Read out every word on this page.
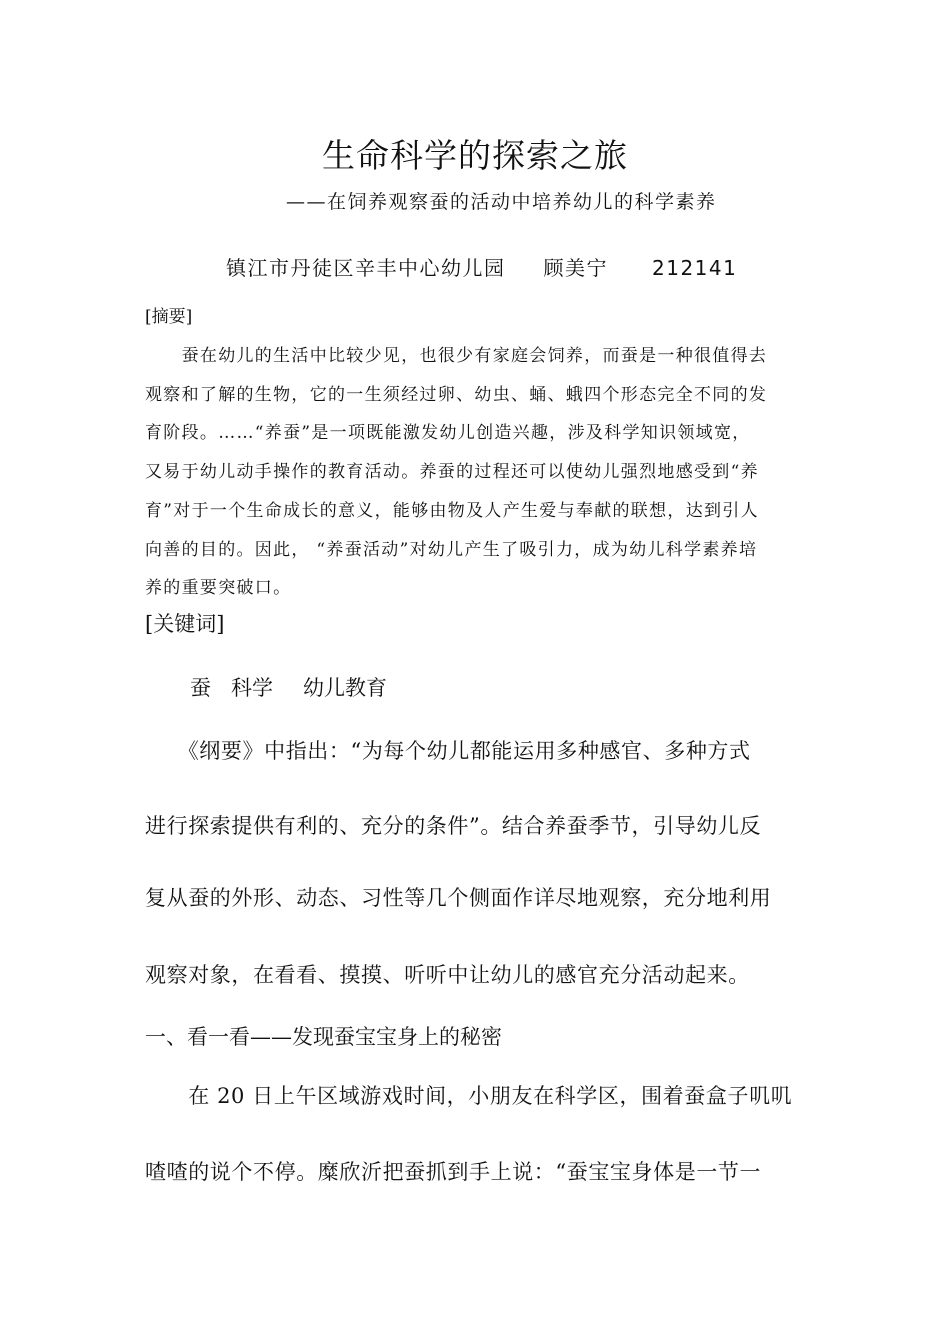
生命科学的探索之旅
——在饲养观察蚕的活动中培养幼儿的科学素养
镇江市丹徒区辛丰中心幼儿园 顾美宁 212141
[摘要]
　　蚕在幼儿的生活中比较少见，也很少有家庭会饲养，而蚕是一种很值得去
观察和了解的生物，它的一生须经过卵、幼虫、蛹、蛾四个形态完全不同的发
育阶段。……“养蚕”是一项既能激发幼儿创造兴趣，涉及科学知识领域宽，
又易于幼儿动手操作的教育活动。养蚕的过程还可以使幼儿强烈地感受到“养
育”对于一个生命成长的意义，能够由物及人产生爱与奉献的联想，达到引人
向善的目的。因此， “养蚕活动”对幼儿产生了吸引力，成为幼儿科学素养培
养的重要突破口。
[关键词]
蚕 科学 幼儿教育
　　《纲要》中指出：“为每个幼儿都能运用多种感官、多种方式
进行探索提供有利的、充分的条件”。结合养蚕季节，引导幼儿反
复从蚕的外形、动态、习性等几个侧面作详尽地观察，充分地利用
观察对象，在看看、摸摸、听听中让幼儿的感官充分活动起来。
一、看一看——发现蚕宝宝身上的秘密
　　在 20 日上午区域游戏时间，小朋友在科学区，围着蚕盒子叽叽
喳喳的说个不停。糜欣沂把蚕抓到手上说：“蚕宝宝身体是一节一
